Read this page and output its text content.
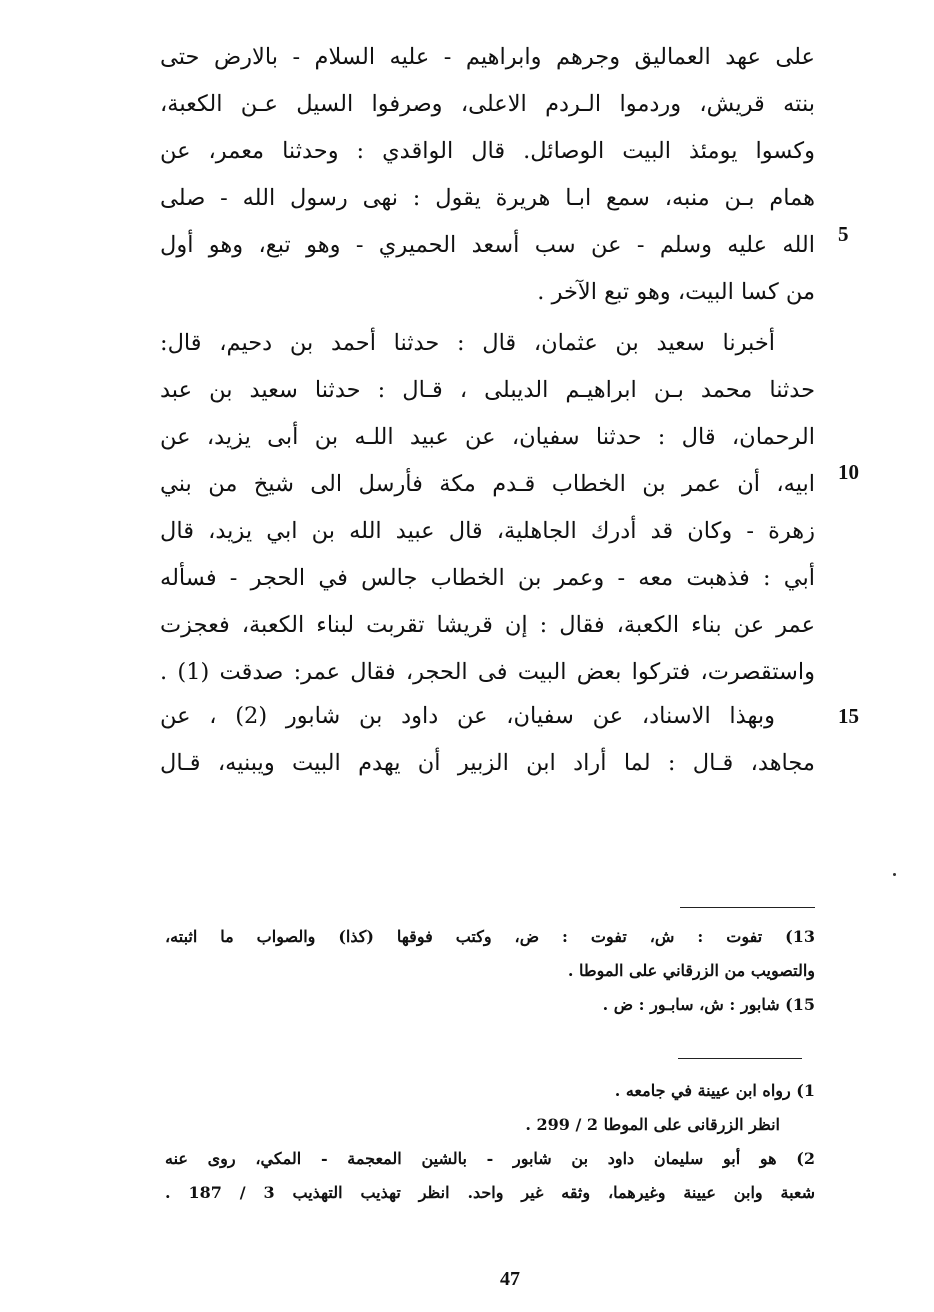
على عهد العماليق وجرهم وابراهيم - عليه السلام - بالارض حتى
بنته قريش، وردموا الـردم الاعلى، وصرفوا السيل عـن الكعبة،
وكسوا يومئذ البيت الوصائل. قال الواقدي : وحدثنا معمر، عن
همام بـن منبه، سمع ابـا هريرة يقول : نهى رسول الله - صلى
الله عليه وسلم - عن سب أسعد الحميري - وهو تبع، وهو أول
من كسا البيت، وهو تبع الآخر .
أخبرنا سعيد بن عثمان، قال : حدثنا أحمد بن دحيم، قال:
حدثنا محمد بـن ابراهيـم الديبلى ، قـال : حدثنا سعيد بن عبد
الرحمان، قال : حدثنا سفيان، عن عبيد اللـه بن أبى يزيد، عن
ابيه، أن عمر بن الخطاب قـدم مكة فأرسل الى شيخ من بني
زهرة - وكان قد أدرك الجاهلية، قال عبيد الله بن ابي يزيد، قال
أبي : فذهبت معه - وعمر بن الخطاب جالس في الحجر - فسأله
عمر عن بناء الكعبة، فقال : إن قريشا تقربت لبناء الكعبة، فعجزت
واستقصرت، فتركوا بعض البيت فى الحجر، فقال عمر: صدقت (1) .
وبهذا الاسناد، عن سفيان، عن داود بن شابور (2) ، عن
مجاهد، قـال : لما أراد ابن الزبير أن يهدم البيت ويبنيه، قـال
5
10
15
13) تفوت : ش، تفوت : ض، وكتب فوقها (كذا) والصواب ما اثبته،
والتصويب من الزرقاني على الموطا .
15) شابور : ش، سابـور : ض .
1) رواه ابن عيينة في جامعه .
انظر الزرقانى على الموطا 2 / 299 .
2) هو أبو سليمان داود بن شابور - بالشين المعجمة - المكي، روى عنه
شعبة وابن عيينة وغيرهما، وثقه غير واحد. انظر تهذيب التهذيب 3 / 187 .
47
